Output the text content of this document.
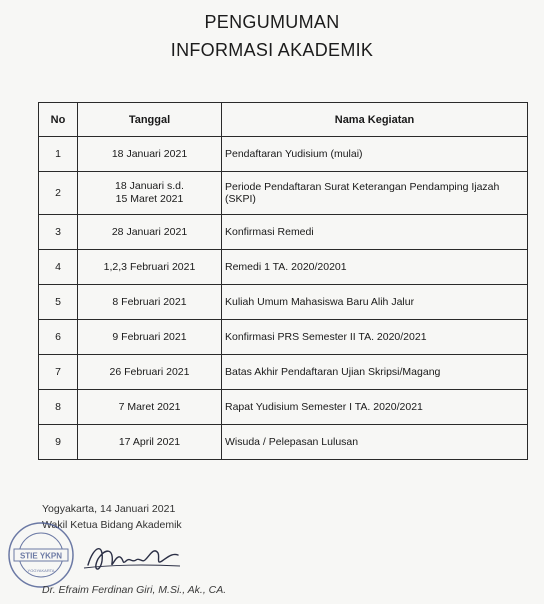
PENGUMUMAN
INFORMASI AKADEMIK
No	Tanggal	Nama Kegiatan
1	18 Januari 2021	Pendaftaran Yudisium (mulai)
2	18 Januari s.d.
15 Maret 2021	Periode Pendaftaran Surat Keterangan Pendamping Ijazah (SKPI)
3	28 Januari 2021	Konfirmasi Remedi
4	1,2,3 Februari 2021	Remedi 1 TA. 2020/20201
5	8 Februari 2021	Kuliah Umum Mahasiswa Baru Alih Jalur
6	9 Februari 2021	Konfirmasi PRS Semester II TA. 2020/2021
7	26 Februari 2021	Batas Akhir Pendaftaran Ujian Skripsi/Magang
8	7 Maret 2021	Rapat Yudisium Semester I TA. 2020/2021
9	17 April 2021	Wisuda / Pelepasan Lulusan
Yogyakarta, 14 Januari 2021
Wakil Ketua Bidang Akademik
STIE YKPN
YOGYAKARTA
Dr. Efraim Ferdinan Giri, M.Si., Ak., CA.
